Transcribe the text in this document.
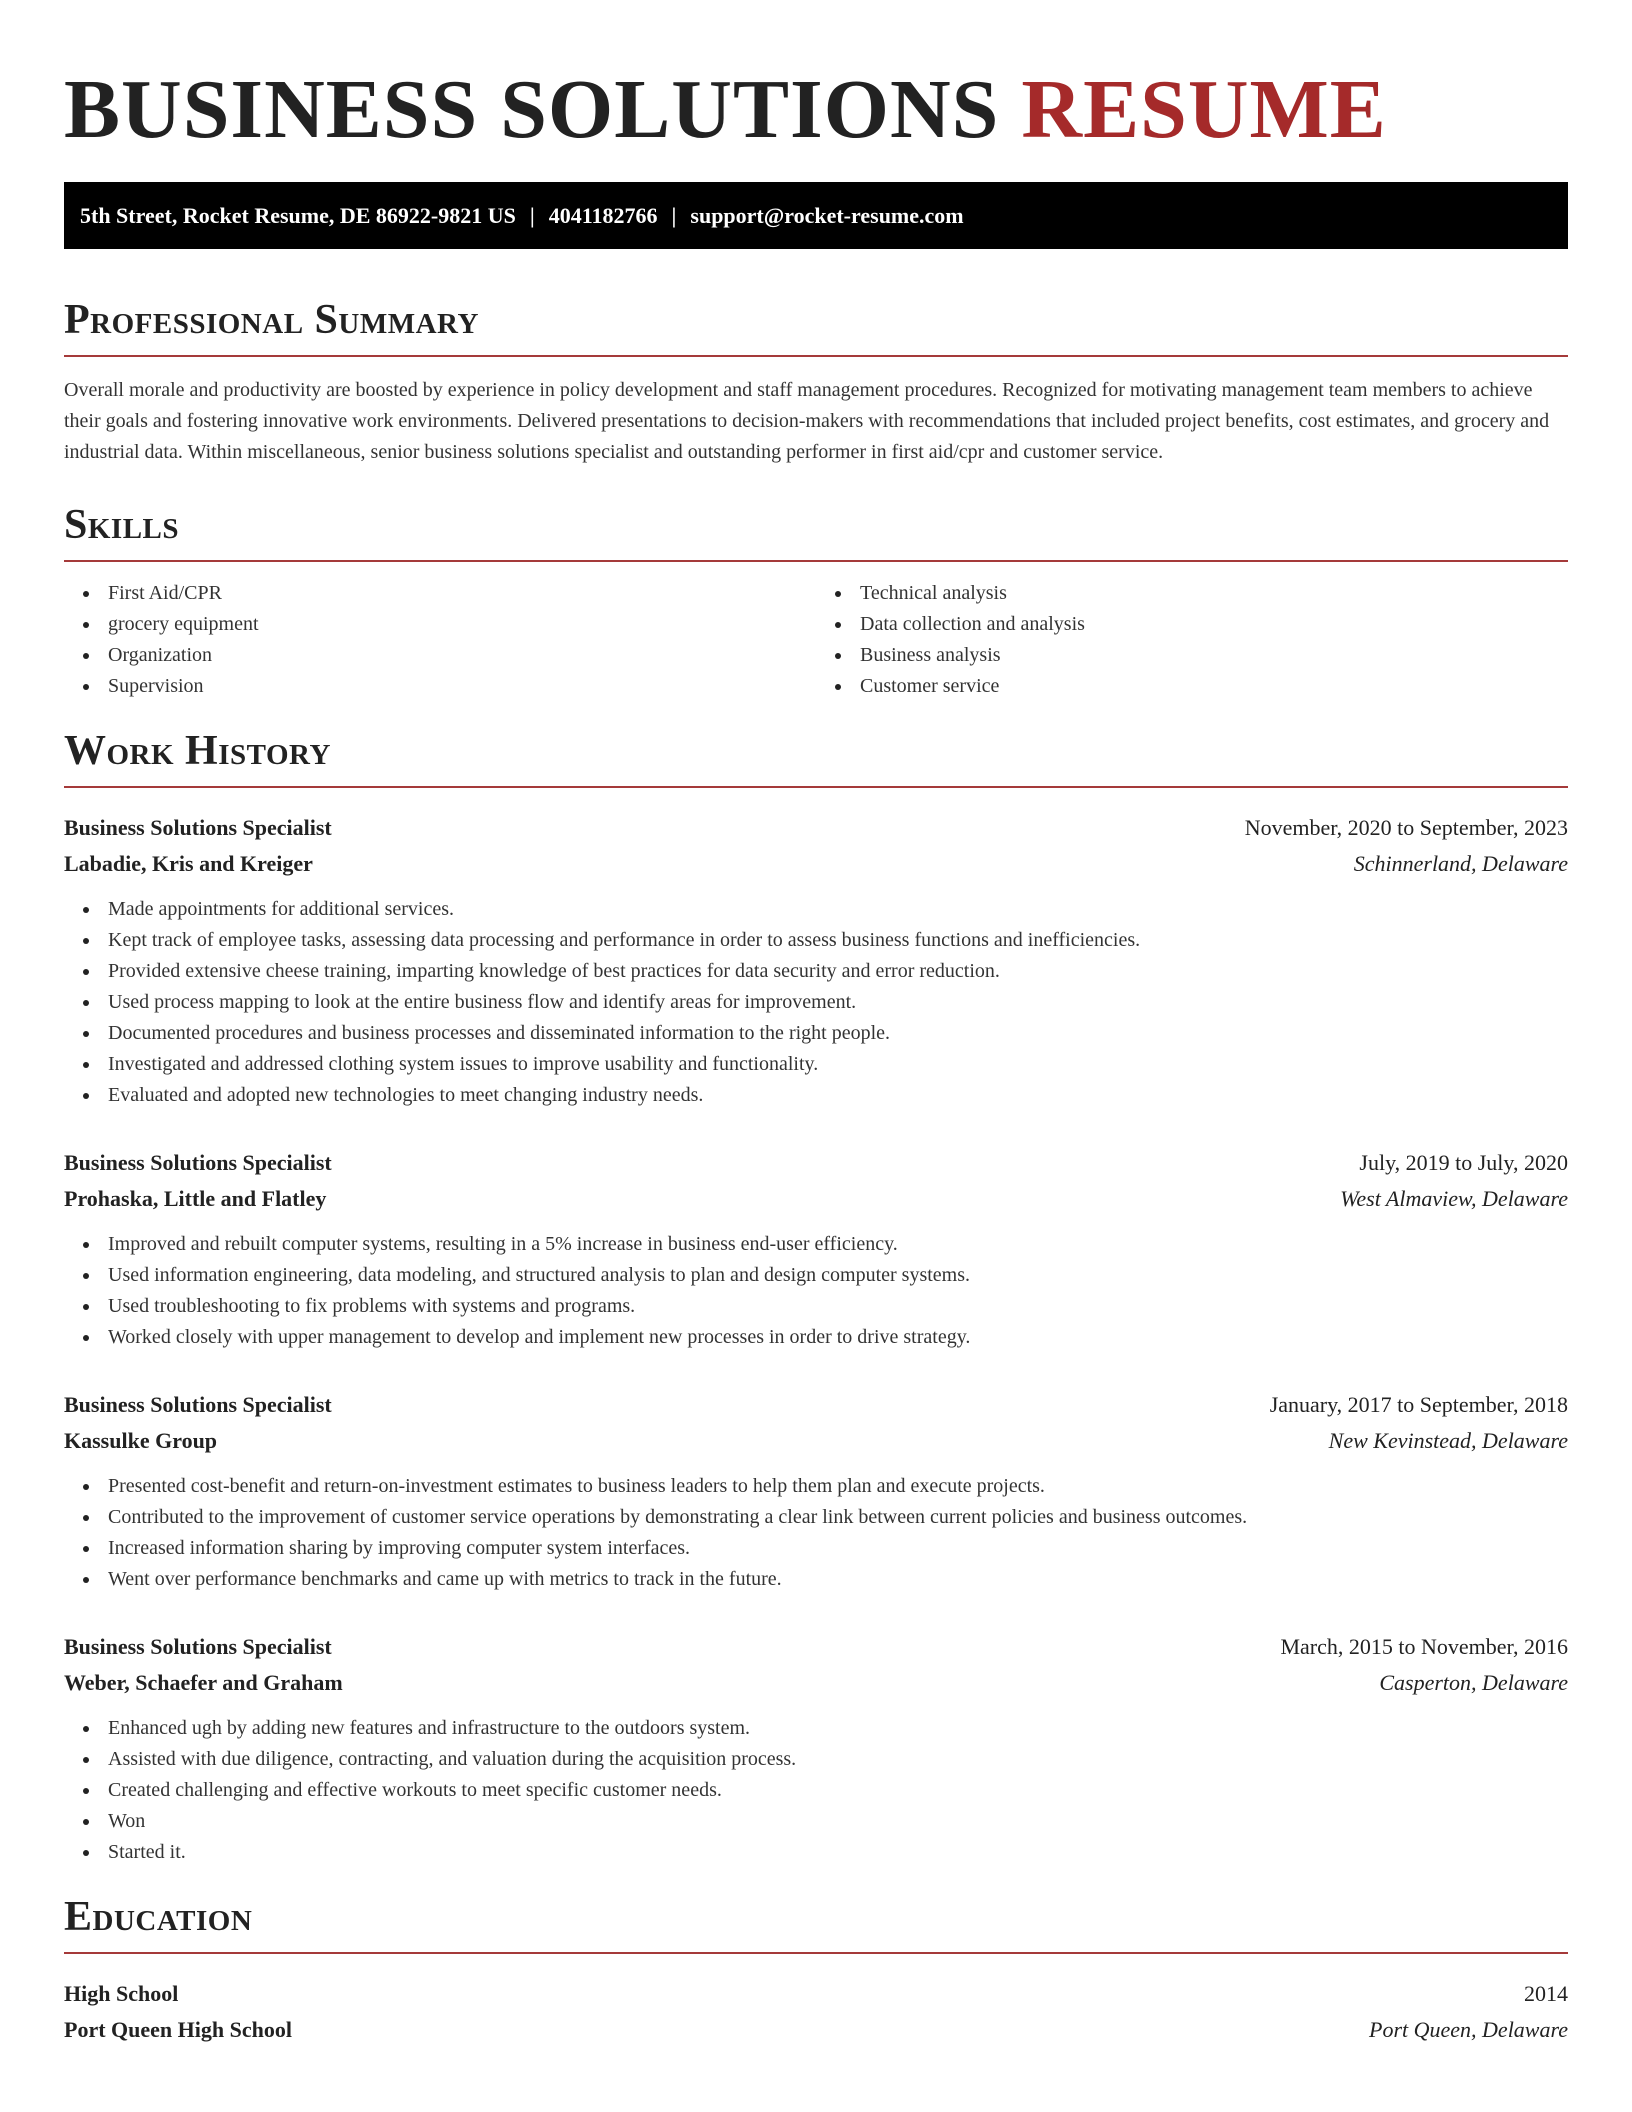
BUSINESS SOLUTIONS RESUME
5th Street, Rocket Resume, DE 86922-9821 US | 4041182766 | support@rocket-resume.com
Professional Summary

Overall morale and productivity are boosted by experience in policy development and staff management procedures. Recognized for motivating management team members to achieve their goals and fostering innovative work environments. Delivered presentations to decision-makers with recommendations that included project benefits, cost estimates, and grocery and industrial data. Within miscellaneous, senior business solutions specialist and outstanding performer in first aid/cpr and customer service.

Skills
First Aid/CPR
grocery equipment
Organization
Supervision
Technical analysis
Data collection and analysis
Business analysis
Customer service
Work History
Business Solutions Specialist	November, 2020 to September, 2023
Labadie, Kris and Kreiger	Schinnerland, Delaware
Made appointments for additional services.
Kept track of employee tasks, assessing data processing and performance in order to assess business functions and inefficiencies.
Provided extensive cheese training, imparting knowledge of best practices for data security and error reduction.
Used process mapping to look at the entire business flow and identify areas for improvement.
Documented procedures and business processes and disseminated information to the right people.
Investigated and addressed clothing system issues to improve usability and functionality.
Evaluated and adopted new technologies to meet changing industry needs.
Business Solutions Specialist	July, 2019 to July, 2020
Prohaska, Little and Flatley	West Almaview, Delaware
Improved and rebuilt computer systems, resulting in a 5% increase in business end-user efficiency.
Used information engineering, data modeling, and structured analysis to plan and design computer systems.
Used troubleshooting to fix problems with systems and programs.
Worked closely with upper management to develop and implement new processes in order to drive strategy.
Business Solutions Specialist	January, 2017 to September, 2018
Kassulke Group	New Kevinstead, Delaware
Presented cost-benefit and return-on-investment estimates to business leaders to help them plan and execute projects.
Contributed to the improvement of customer service operations by demonstrating a clear link between current policies and business outcomes.
Increased information sharing by improving computer system interfaces.
Went over performance benchmarks and came up with metrics to track in the future.
Business Solutions Specialist	March, 2015 to November, 2016
Weber, Schaefer and Graham	Casperton, Delaware
Enhanced ugh by adding new features and infrastructure to the outdoors system.
Assisted with due diligence, contracting, and valuation during the acquisition process.
Created challenging and effective workouts to meet specific customer needs.
Won
Started it.
Education
High School	2014
Port Queen High School	Port Queen, Delaware
